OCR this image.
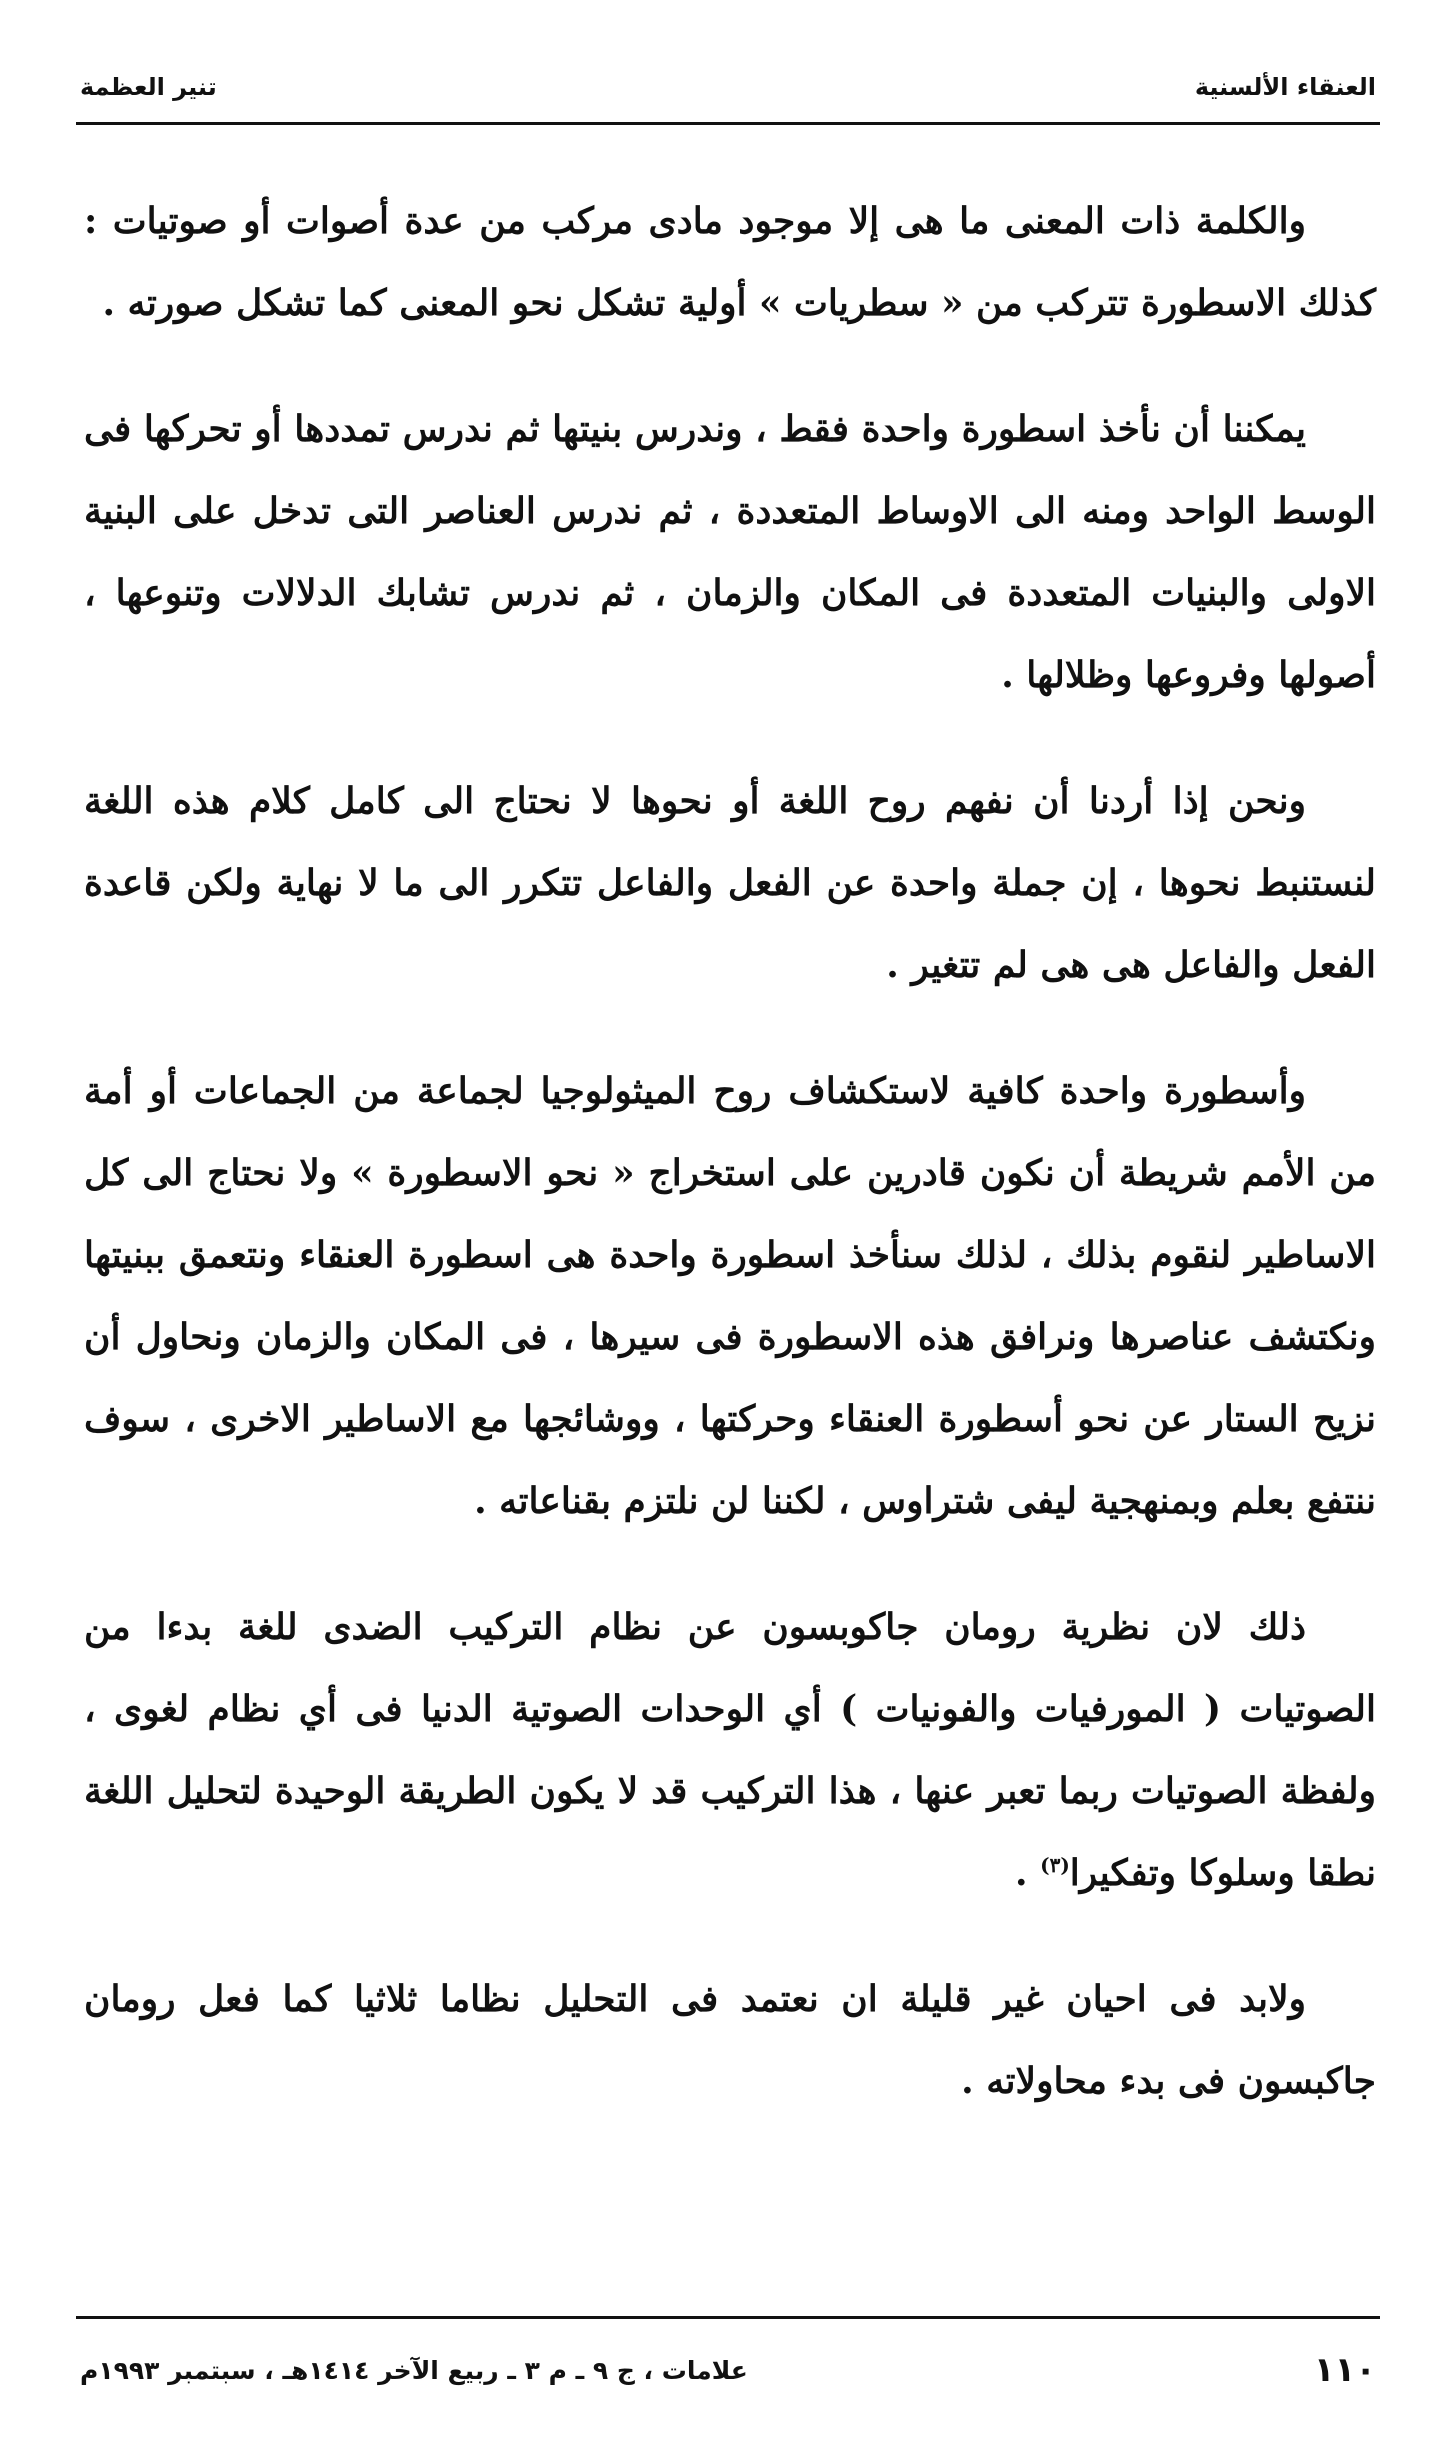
العنقاء الألسنية
تنير العظمة

والكلمة ذات المعنى ما هى إلا موجود مادى مركب من عدة أصوات أو صوتيات : كذلك الاسطورة تتركب من « سطريات » أولية تشكل نحو المعنى كما تشكل صورته .

يمكننا أن نأخذ اسطورة واحدة فقط ، وندرس بنيتها ثم ندرس تمددها أو تحركها فى الوسط الواحد ومنه الى الاوساط المتعددة ، ثم ندرس العناصر التى تدخل على البنية الاولى والبنيات المتعددة فى المكان والزمان ، ثم ندرس تشابك الدلالات وتنوعها ، أصولها وفروعها وظلالها .

ونحن إذا أردنا أن نفهم روح اللغة أو نحوها لا نحتاج الى كامل كلام هذه اللغة لنستنبط نحوها ، إن جملة واحدة عن الفعل والفاعل تتكرر الى ما لا نهاية ولكن قاعدة الفعل والفاعل هى هى لم تتغير .

وأسطورة واحدة كافية لاستكشاف روح الميثولوجيا لجماعة من الجماعات أو أمة من الأمم شريطة أن نكون قادرين على استخراج « نحو الاسطورة » ولا نحتاج الى كل الاساطير لنقوم بذلك ، لذلك سنأخذ اسطورة واحدة هى اسطورة العنقاء ونتعمق ببنيتها ونكتشف عناصرها ونرافق هذه الاسطورة فى سيرها ، فى المكان والزمان ونحاول أن نزيح الستار عن نحو أسطورة العنقاء وحركتها ، ووشائجها مع الاساطير الاخرى ، سوف ننتفع بعلم وبمنهجية ليفى شتراوس ، لكننا لن نلتزم بقناعاته .

ذلك لان نظرية رومان جاكوبسون عن نظام التركيب الضدى للغة بدءا من الصوتيات ( المورفيات والفونيات ) أي الوحدات الصوتية الدنيا فى أي نظام لغوى ، ولفظة الصوتيات ربما تعبر عنها ، هذا التركيب قد لا يكون الطريقة الوحيدة لتحليل اللغة نطقا وسلوكا وتفكيرا$^{(٣)}$ .

ولابد فى احيان غير قليلة ان نعتمد فى التحليل نظاما ثلاثيا كما فعل رومان جاكبسون فى بدء محاولاته .

١١٠
علامات ، ج ٩ ـ م ٣ ـ ربيع الآخر ١٤١٤هـ ، سبتمبر ١٩٩٣م
